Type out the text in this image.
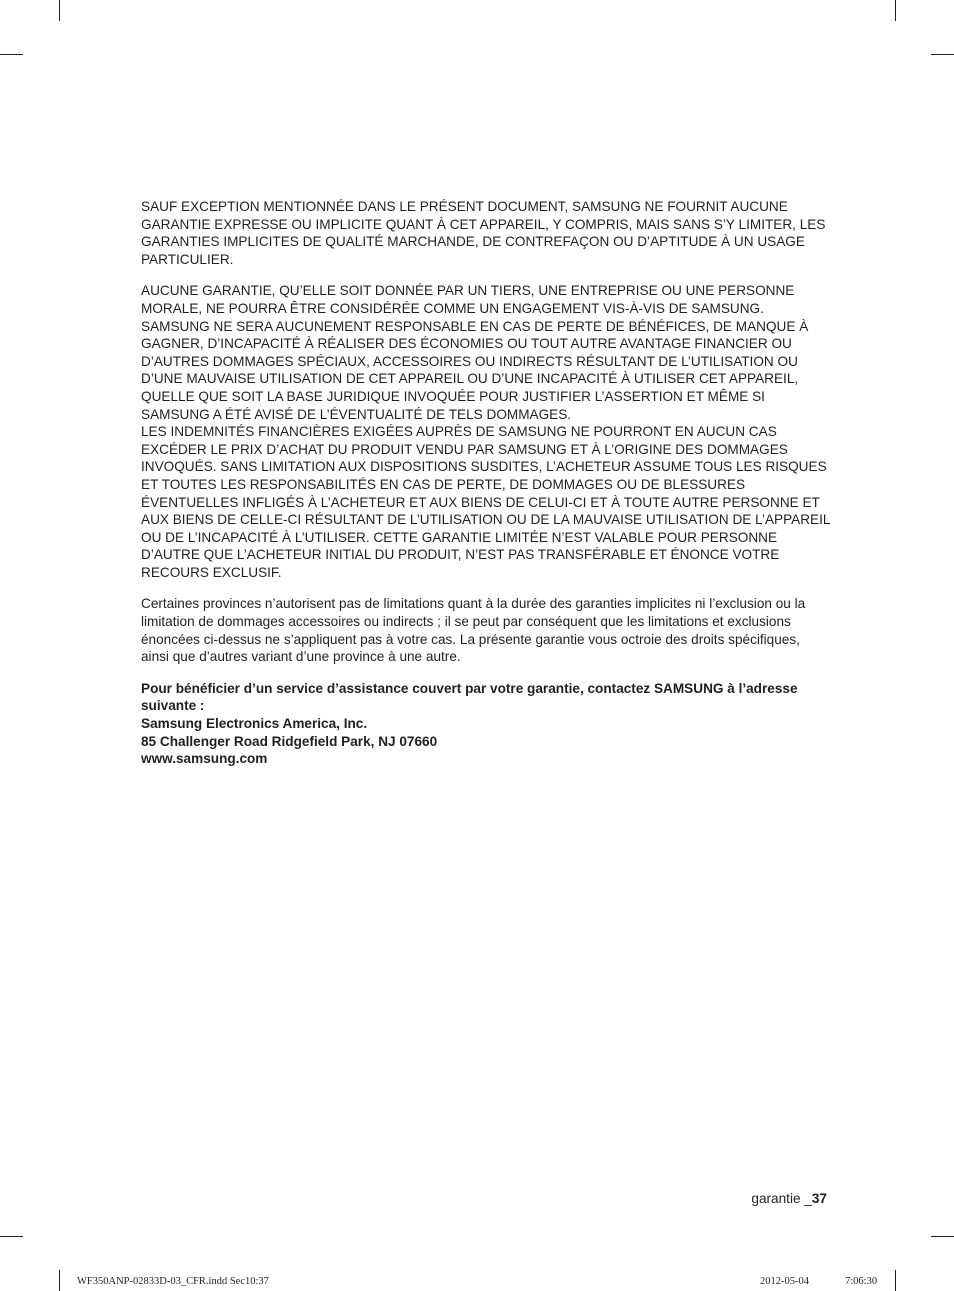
SAUF EXCEPTION MENTIONNÉE DANS LE PRÉSENT DOCUMENT, SAMSUNG NE FOURNIT AUCUNE GARANTIE EXPRESSE OU IMPLICITE QUANT À CET APPAREIL, Y COMPRIS, MAIS SANS S’Y LIMITER, LES GARANTIES IMPLICITES DE QUALITÉ MARCHANDE, DE CONTREFAÇON OU D’APTITUDE À UN USAGE PARTICULIER.

AUCUNE GARANTIE, QU’ELLE SOIT DONNÉE PAR UN TIERS, UNE ENTREPRISE OU UNE PERSONNE MORALE, NE POURRA ÊTRE CONSIDÉRÉE COMME UN ENGAGEMENT VIS-À-VIS DE SAMSUNG. SAMSUNG NE SERA AUCUNEMENT RESPONSABLE EN CAS DE PERTE DE BÉNÉFICES, DE MANQUE À GAGNER, D’INCAPACITÉ À RÉALISER DES ÉCONOMIES OU TOUT AUTRE AVANTAGE FINANCIER OU D’AUTRES DOMMAGES SPÉCIAUX, ACCESSOIRES OU INDIRECTS RÉSULTANT DE L’UTILISATION OU D’UNE MAUVAISE UTILISATION DE CET APPAREIL OU D’UNE INCAPACITÉ À UTILISER CET APPAREIL, QUELLE QUE SOIT LA BASE JURIDIQUE INVOQUÉE POUR JUSTIFIER L’ASSERTION ET MÊME SI SAMSUNG A ÉTÉ AVISÉ DE L’ÉVENTUALITÉ DE TELS DOMMAGES.

LES INDEMNITÉS FINANCIÈRES EXIGÉES AUPRÈS DE SAMSUNG NE POURRONT EN AUCUN CAS EXCÉDER LE PRIX D’ACHAT DU PRODUIT VENDU PAR SAMSUNG ET À L’ORIGINE DES DOMMAGES INVOQUÉS. SANS LIMITATION AUX DISPOSITIONS SUSDITES, L’ACHETEUR ASSUME TOUS LES RISQUES ET TOUTES LES RESPONSABILITÉS EN CAS DE PERTE, DE DOMMAGES OU DE BLESSURES ÉVENTUELLES INFLIGÉS À L’ACHETEUR ET AUX BIENS DE CELUI-CI ET À TOUTE AUTRE PERSONNE ET AUX BIENS DE CELLE-CI RÉSULTANT DE L’UTILISATION OU DE LA MAUVAISE UTILISATION DE L’APPAREIL OU DE L’INCAPACITÉ À L’UTILISER. CETTE GARANTIE LIMITÉE N’EST VALABLE POUR PERSONNE D’AUTRE QUE L’ACHETEUR INITIAL DU PRODUIT, N’EST PAS TRANSFÉRABLE ET ÉNONCE VOTRE RECOURS EXCLUSIF.

Certaines provinces n’autorisent pas de limitations quant à la durée des garanties implicites ni l’exclusion ou la limitation de dommages accessoires ou indirects ; il se peut par conséquent que les limitations et exclusions énoncées ci-dessus ne s’appliquent pas à votre cas. La présente garantie vous octroie des droits spécifiques, ainsi que d’autres variant d’une province à une autre.

Pour bénéficier d’un service d’assistance couvert par votre garantie, contactez SAMSUNG à l’adresse suivante :

Samsung Electronics America, Inc.

85 Challenger Road Ridgefield Park, NJ 07660

www.samsung.com

garantie _37
WF350ANP-02833D-03_CFR.indd Sec10:37	2012-05-04	7:06:30
